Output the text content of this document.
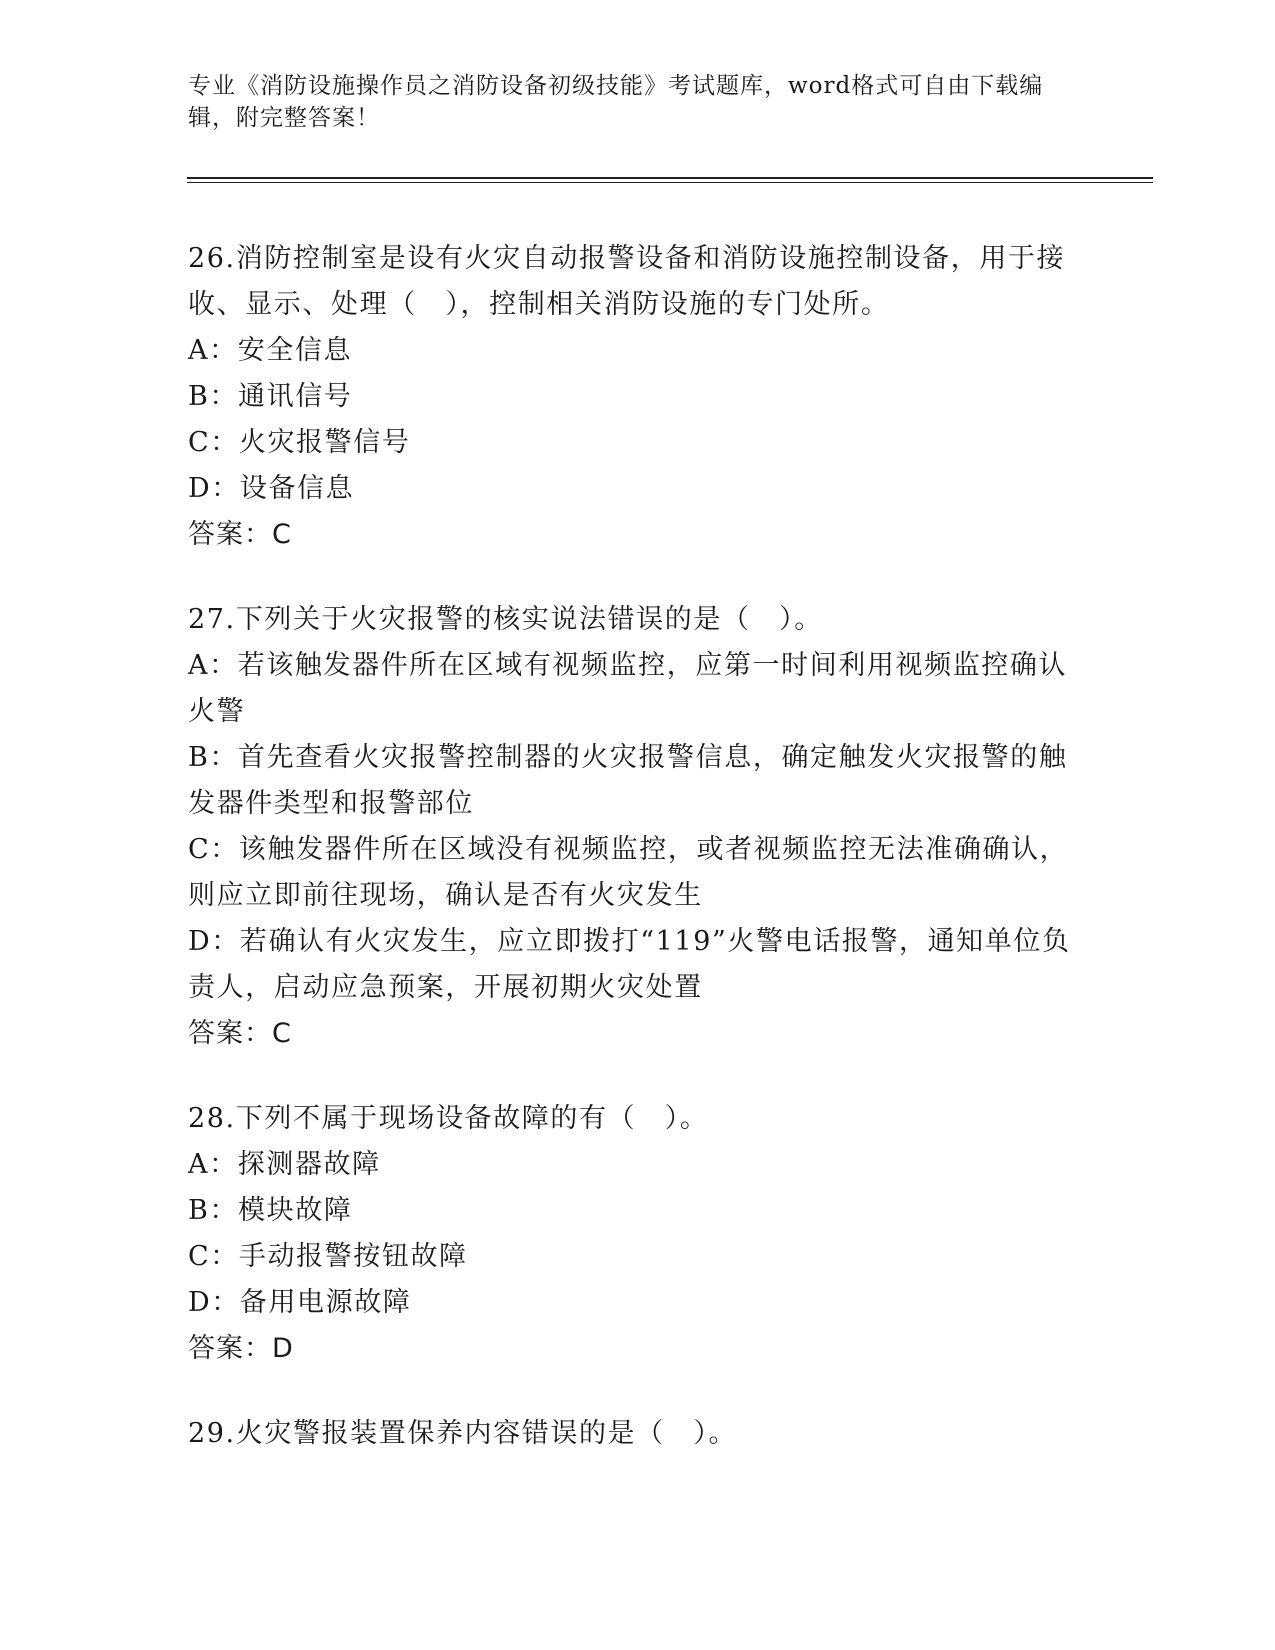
专业《消防设施操作员之消防设备初级技能》考试题库，word格式可自由下载编辑，附完整答案！
26.消防控制室是设有火灾自动报警设备和消防设施控制设备，用于接收、显示、处理（　），控制相关消防设施的专门处所。
A：安全信息
B：通讯信号
C：火灾报警信号
D：设备信息
答案：C
27.下列关于火灾报警的核实说法错误的是（　）。
A：若该触发器件所在区域有视频监控，应第一时间利用视频监控确认火警
B：首先查看火灾报警控制器的火灾报警信息，确定触发火灾报警的触发器件类型和报警部位
C：该触发器件所在区域没有视频监控，或者视频监控无法准确确认，则应立即前往现场，确认是否有火灾发生
D：若确认有火灾发生，应立即拨打“119”火警电话报警，通知单位负责人，启动应急预案，开展初期火灾处置
答案：C
28.下列不属于现场设备故障的有（　）。
A：探测器故障
B：模块故障
C：手动报警按钮故障
D：备用电源故障
答案：D
29.火灾警报装置保养内容错误的是（　）。
